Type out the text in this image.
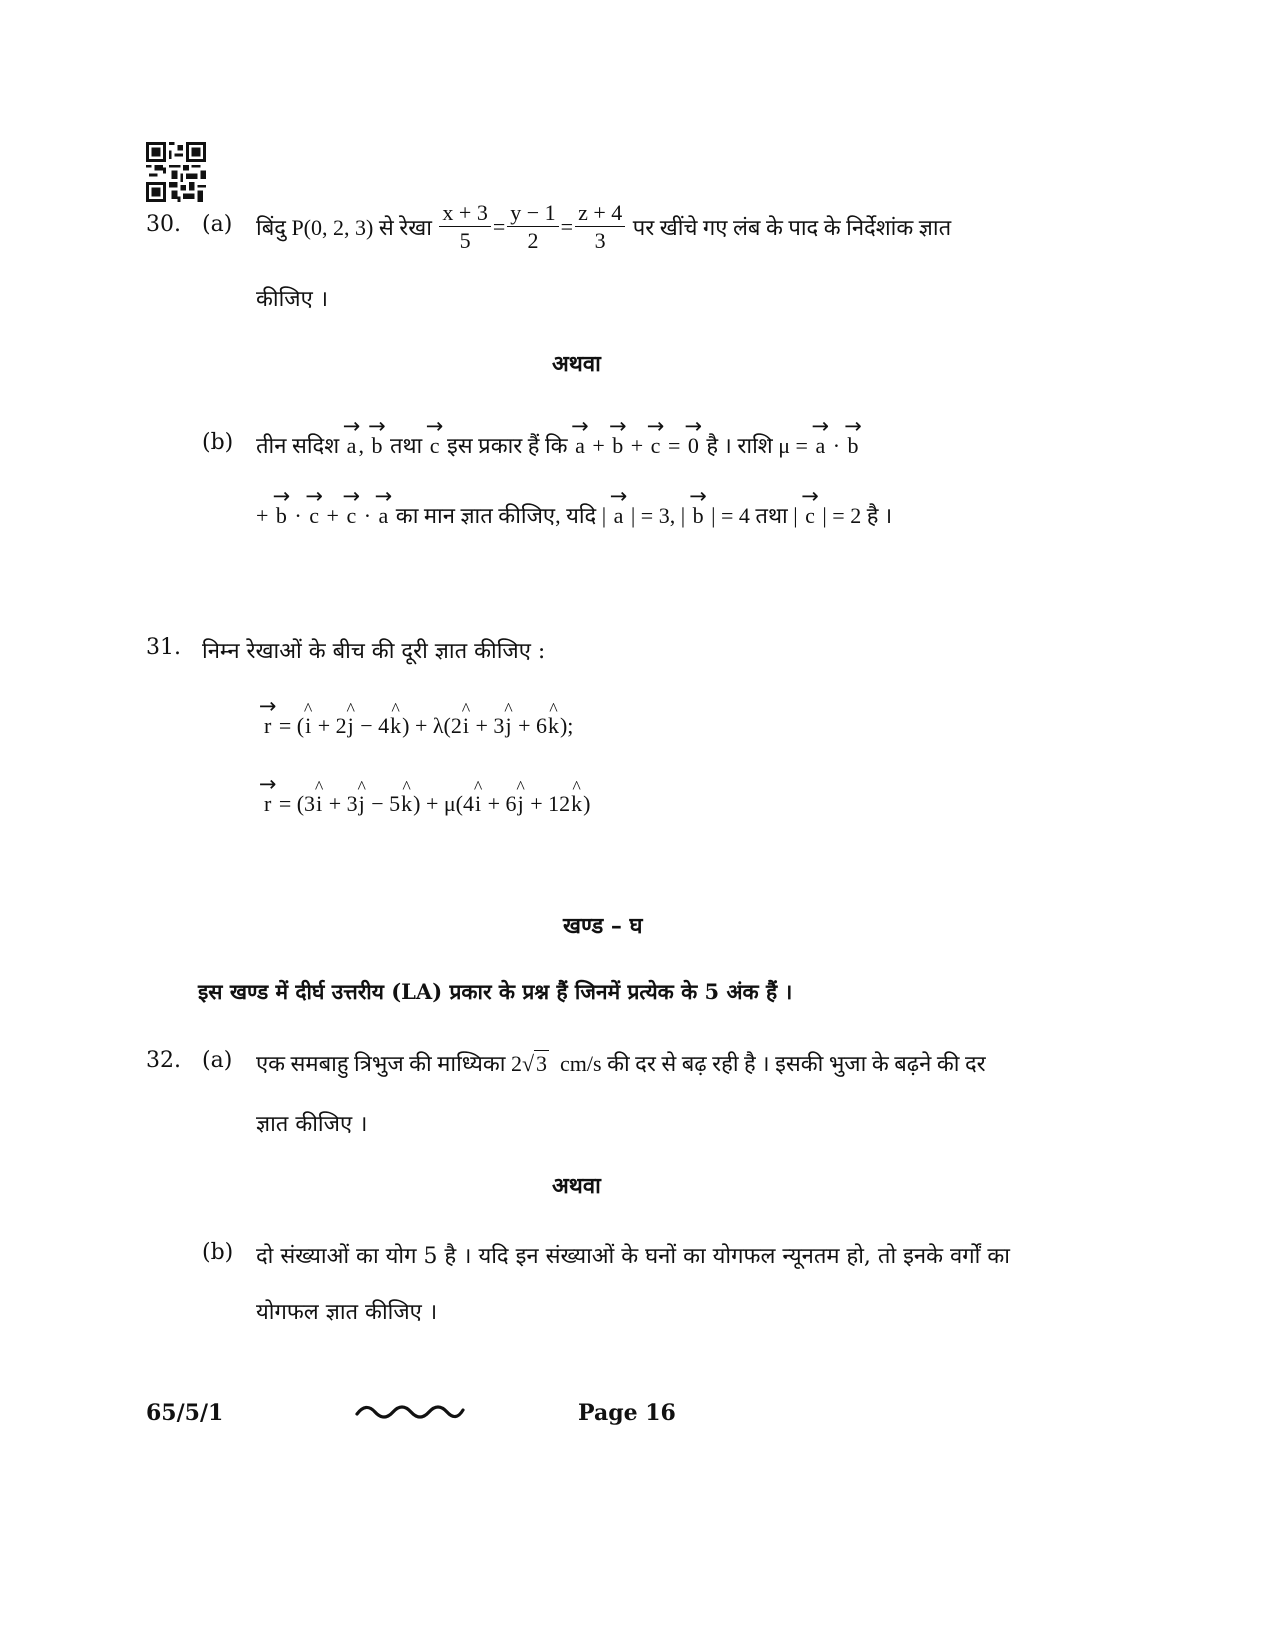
30. (a) बिंदु P(0, 2, 3) से रेखा
$\frac{x + 3}{5} = \frac{y - 1}{2} = \frac{z + 4}{3}$
पर खींचे गए लंब के पाद के निर्देशांक ज्ञात
कीजिए ।
अथवा
(b) तीन सदिश → a, → b तथा → c इस प्रकार हैं कि → a + → b + → c = → 0 है । राशि μ = → a · → b
+ → b · → c + → c · → a का मान ज्ञात कीजिए, यदि | → a | = 3, | → b | = 4 तथा | → c | = 2 है ।
31. निम्न रेखाओं के बीच की दूरी ज्ञात कीजिए :
→ r = (^ i + 2^ j − 4^ k) + λ(2^ i + 3^ j + 6^ k);
→ r = (3^ i + 3^ j − 5^ k) + μ(4^ i + 6^ j + 12^ k)
खण्ड – घ
इस खण्ड में दीर्घ उत्तरीय (LA) प्रकार के प्रश्न हैं जिनमें प्रत्येक के 5 अंक हैं ।
32. (a) एक समबाहु त्रिभुज की माध्यिका 2√3 cm/s की दर से बढ़ रही है । इसकी भुजा के बढ़ने की दर
ज्ञात कीजिए ।
अथवा
(b) दो संख्याओं का योग 5 है । यदि इन संख्याओं के घनों का योगफल न्यूनतम हो, तो इनके वर्गों का
योगफल ज्ञात कीजिए ।
65/5/1	Page 16
